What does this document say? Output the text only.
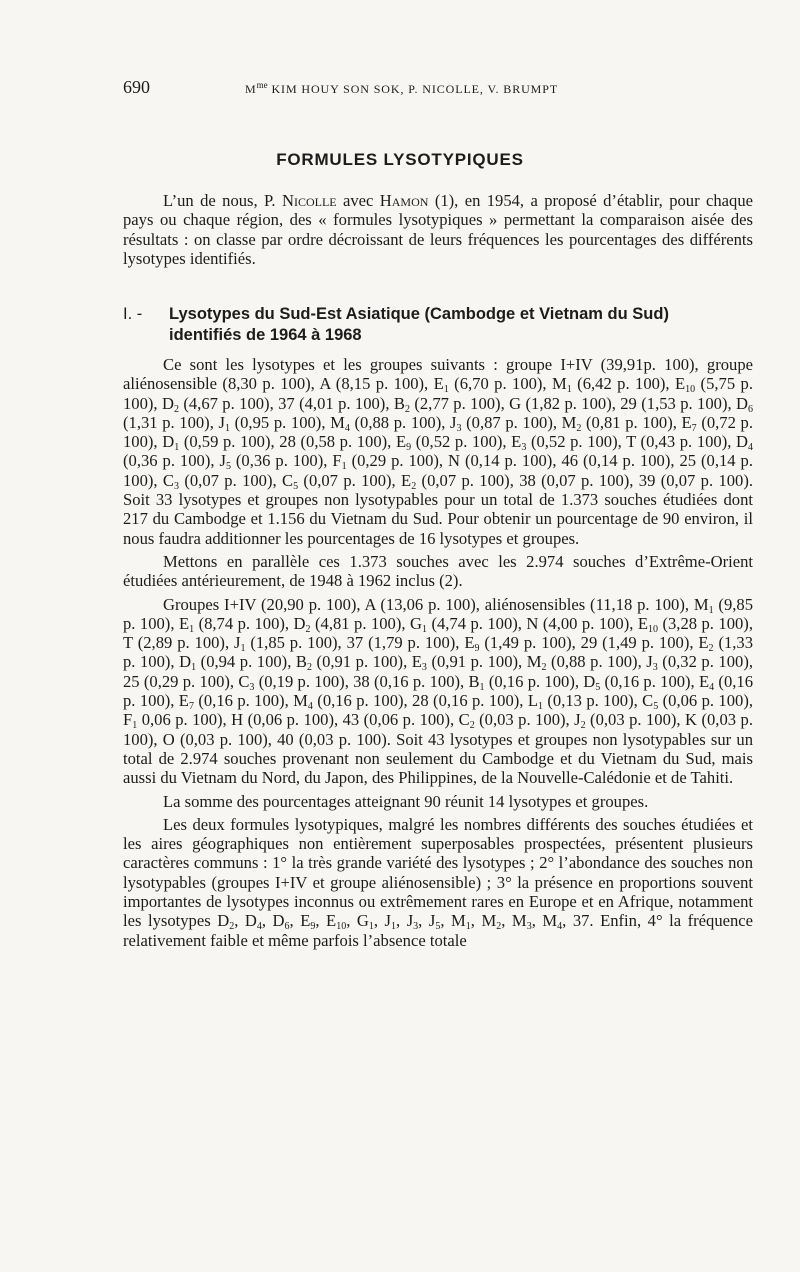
690	$M^{me}$ KIM HOUY SON SOK, P. NICOLLE, V. BRUMPT
FORMULES LYSOTYPIQUES

L’un de nous, P. Nicolle avec Hamon (1), en 1954, a proposé d’établir, pour chaque pays ou chaque région, des « formules lysotypiques » permettant la comparaison aisée des résultats : on classe par ordre décroissant de leurs fréquences les pourcentages des différents lysotypes identifiés.

I. - Lysotypes du Sud-Est Asiatique (Cambodge et Vietnam du Sud)
identifiés de 1964 à 1968

Ce sont les lysotypes et les groupes suivants : groupe I+IV (39,91p. 100), groupe aliénosensible (8,30 p. 100), A (8,15 p. 100), $E_1$ (6,70 p. 100), $M_1$ (6,42 p. 100), $E_{10}$ (5,75 p. 100), $D_2$ (4,67 p. 100), 37 (4,01 p. 100), $B_2$ (2,77 p. 100), G (1,82 p. 100), 29 (1,53 p. 100), $D_6$ (1,31 p. 100), $J_1$ (0,95 p. 100), $M_4$ (0,88 p. 100), $J_3$ (0,87 p. 100), $M_2$ (0,81 p. 100), $E_7$ (0,72 p. 100), $D_1$ (0,59 p. 100), 28 (0,58 p. 100), $E_9$ (0,52 p. 100), $E_3$ (0,52 p. 100), T (0,43 p. 100), $D_4$ (0,36 p. 100), $J_5$ (0,36 p. 100), $F_1$ (0,29 p. 100), N (0,14 p. 100), 46 (0,14 p. 100), 25 (0,14 p. 100), $C_3$ (0,07 p. 100), $C_5$ (0,07 p. 100), $E_2$ (0,07 p. 100), 38 (0,07 p. 100), 39 (0,07 p. 100). Soit 33 lysotypes et groupes non lysotypables pour un total de 1.373 souches étudiées dont 217 du Cambodge et 1.156 du Vietnam du Sud. Pour obtenir un pourcentage de 90 environ, il nous faudra additionner les pourcentages de 16 lysotypes et groupes.

Mettons en parallèle ces 1.373 souches avec les 2.974 souches d’Extrême-Orient étudiées antérieurement, de 1948 à 1962 inclus (2).

Groupes I+IV (20,90 p. 100), A (13,06 p. 100), aliénosensibles (11,18 p. 100), $M_1$ (9,85 p. 100), $E_1$ (8,74 p. 100), $D_2$ (4,81 p. 100), $G_1$ (4,74 p. 100), N (4,00 p. 100), $E_{10}$ (3,28 p. 100), T (2,89 p. 100), $J_1$ (1,85 p. 100), 37 (1,79 p. 100), $E_9$ (1,49 p. 100), 29 (1,49 p. 100), $E_2$ (1,33 p. 100), $D_1$ (0,94 p. 100), $B_2$ (0,91 p. 100), $E_3$ (0,91 p. 100), $M_2$ (0,88 p. 100), $J_3$ (0,32 p. 100), 25 (0,29 p. 100), $C_3$ (0,19 p. 100), 38 (0,16 p. 100), $B_1$ (0,16 p. 100), $D_5$ (0,16 p. 100), $E_4$ (0,16 p. 100), $E_7$ (0,16 p. 100), $M_4$ (0,16 p. 100), 28 (0,16 p. 100), $L_1$ (0,13 p. 100), $C_5$ (0,06 p. 100), $F_1$ 0,06 p. 100), H (0,06 p. 100), 43 (0,06 p. 100), $C_2$ (0,03 p. 100), $J_2$ (0,03 p. 100), K (0,03 p. 100), O (0,03 p. 100), 40 (0,03 p. 100). Soit 43 lysotypes et groupes non lysotypables sur un total de 2.974 souches provenant non seulement du Cambodge et du Vietnam du Sud, mais aussi du Vietnam du Nord, du Japon, des Philippines, de la Nouvelle-Calédonie et de Tahiti.

La somme des pourcentages atteignant 90 réunit 14 lysotypes et groupes.

Les deux formules lysotypiques, malgré les nombres différents des souches étudiées et les aires géographiques non entièrement superposables prospectées, présentent plusieurs caractères communs : 1° la très grande variété des lysotypes ; 2° l’abondance des souches non lysotypables (groupes I+IV et groupe aliénosensible) ; 3° la présence en proportions souvent importantes de lysotypes inconnus ou extrêmement rares en Europe et en Afrique, notamment les lysotypes $D_2$, $D_4$, $D_6$, $E_9$, $E_{10}$, $G_1$, $J_1$, $J_3$, $J_5$, $M_1$, $M_2$, $M_3$, $M_4$, 37. Enfin, 4° la fréquence relativement faible et même parfois l’absence totale
